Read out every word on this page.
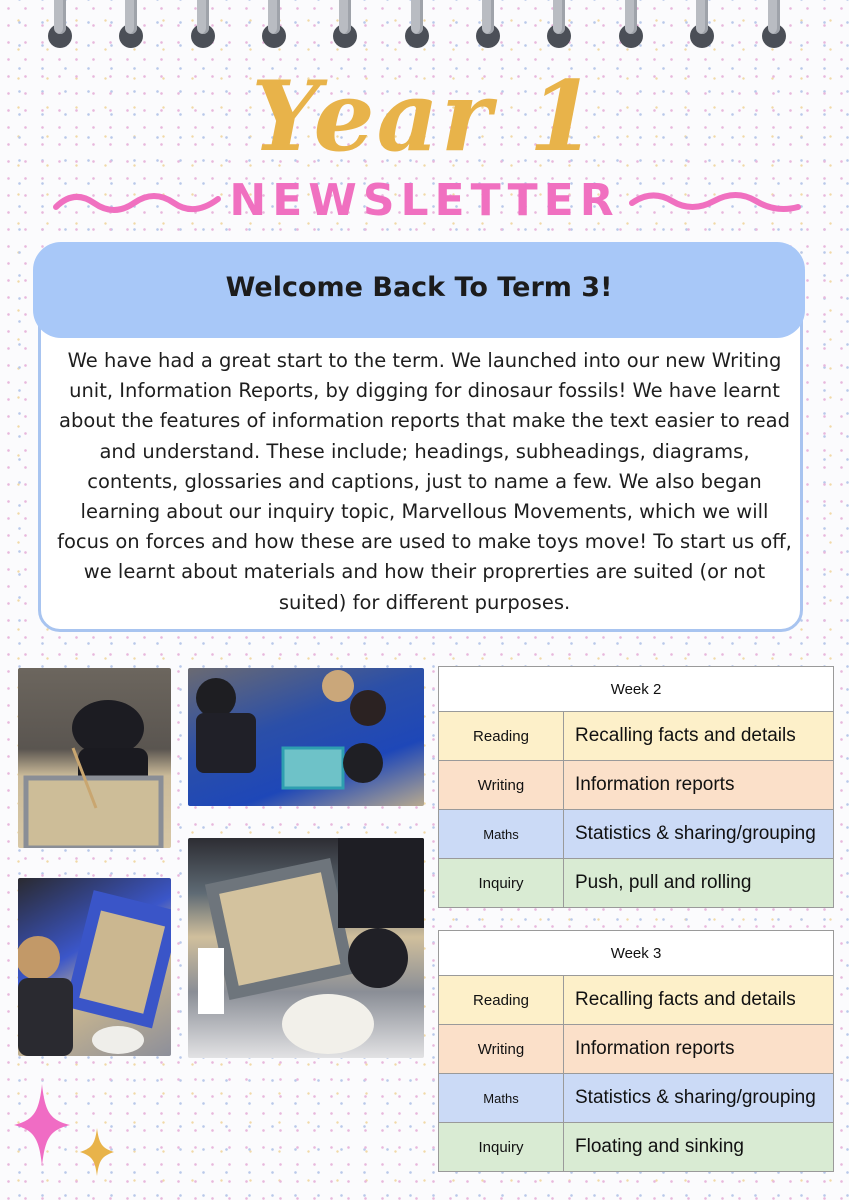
Year 1
NEWSLETTER
Welcome Back To Term 3!
We have had a great start to the term. We launched into our new Writing unit, Information Reports, by digging for dinosaur fossils! We have learnt about the features of information reports that make the text easier to read and understand. These include; headings, subheadings, diagrams, contents, glossaries and captions, just to name a few. We also began learning about our inquiry topic, Marvellous Movements, which we will focus on forces and how these are used to make toys move! To start us off, we learnt about materials and how their proprerties are suited (or not suited) for different purposes.
Week 2	
Reading	Recalling facts and details
Writing	Information reports
Maths	Statistics & sharing/grouping
Inquiry	Push, pull and rolling
Week 3	
Reading	Recalling facts and details
Writing	Information reports
Maths	Statistics & sharing/grouping
Inquiry	Floating and sinking
